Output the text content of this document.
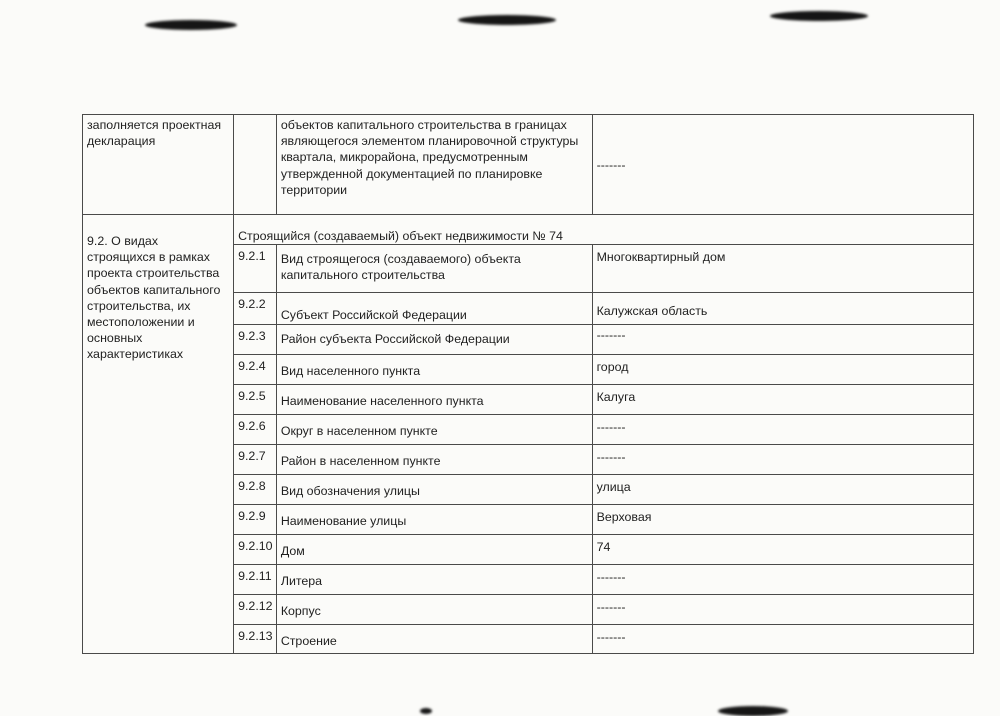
заполняется проектная декларация		объектов капитального строительства в границах являющегося элементом планировочной структуры квартала, микрорайона, предусмотренным утвержденной документацией по планировке территории	-------
9.2. О видах строящихся в рамках проекта строительства объектов капитального строительства, их местоположении и основных характеристиках	Строящийся (создаваемый) объект недвижимости № 74		
	9.2.1	Вид строящегося (создаваемого) объекта капитального строительства	Многоквартирный дом
	9.2.2	Субъект Российской Федерации	Калужская область
	9.2.3	Район субъекта Российской Федерации	-------
	9.2.4	Вид населенного пункта	город
	9.2.5	Наименование населенного пункта	Калуга
	9.2.6	Округ в населенном пункте	-------
	9.2.7	Район в населенном пункте	-------
	9.2.8	Вид обозначения улицы	улица
	9.2.9	Наименование улицы	Верховая
	9.2.10	Дом	74
	9.2.11	Литера	-------
	9.2.12	Корпус	-------
	9.2.13	Строение	-------
